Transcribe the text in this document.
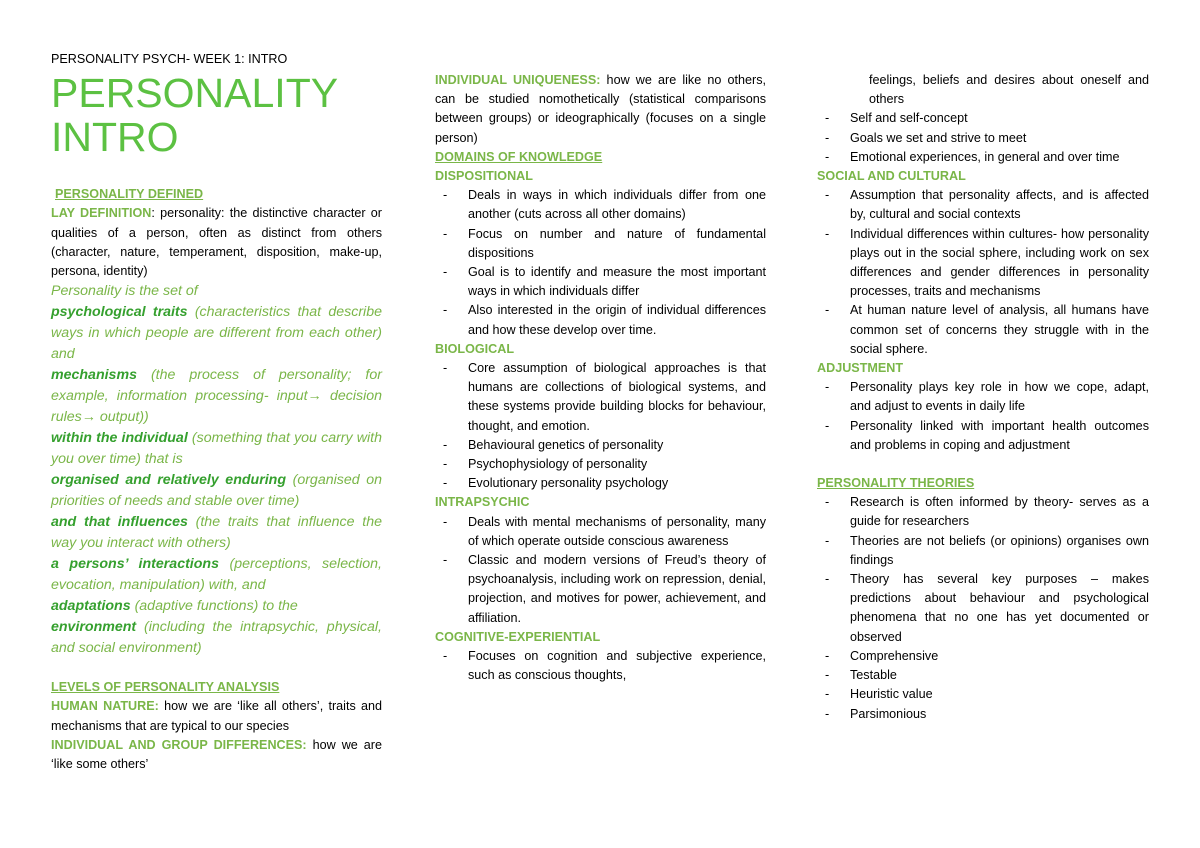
PERSONALITY PSYCH- WEEK 1: INTRO
PERSONALITY
INTRO
PERSONALITY DEFINED
LAY DEFINITION: personality: the distinctive character or qualities of a person, often as distinct from others (character, nature, temperament, disposition, make-up, persona, identity)
Personality is the set of
psychological traits (characteristics that describe ways in which people are different from each other) and
mechanisms (the process of personality; for example, information processing- input→ decision rules→ output))
within the individual (something that you carry with you over time) that is
organised and relatively enduring (organised on priorities of needs and stable over time)
and that influences (the traits that influence the way you interact with others)
a persons’ interactions (perceptions, selection, evocation, manipulation) with, and
adaptations (adaptive functions) to the
environment (including the intrapsychic, physical, and social environment)
LEVELS OF PERSONALITY ANALYSIS
HUMAN NATURE: how we are ‘like all others’, traits and mechanisms that are typical to our species
INDIVIDUAL AND GROUP DIFFERENCES: how we are ‘like some others’
INDIVIDUAL UNIQUENESS: how we are like no others, can be studied nomothetically (statistical comparisons between groups) or ideographically (focuses on a single person)
DOMAINS OF KNOWLEDGE
DISPOSITIONAL
- Deals in ways in which individuals differ from one another (cuts across all other domains)
- Focus on number and nature of fundamental dispositions
- Goal is to identify and measure the most important ways in which individuals differ
- Also interested in the origin of individual differences and how these develop over time.
BIOLOGICAL
- Core assumption of biological approaches is that humans are collections of biological systems, and these systems provide building blocks for behaviour, thought, and emotion.
- Behavioural genetics of personality
- Psychophysiology of personality
- Evolutionary personality psychology
INTRAPSYCHIC
- Deals with mental mechanisms of personality, many of which operate outside conscious awareness
- Classic and modern versions of Freud’s theory of psychoanalysis, including work on repression, denial, projection, and motives for power, achievement, and affiliation.
COGNITIVE-EXPERIENTIAL
- Focuses on cognition and subjective experience, such as conscious thoughts,
feelings, beliefs and desires about oneself and others
- Self and self-concept
- Goals we set and strive to meet
- Emotional experiences, in general and over time
SOCIAL AND CULTURAL
- Assumption that personality affects, and is affected by, cultural and social contexts
- Individual differences within cultures- how personality plays out in the social sphere, including work on sex differences and gender differences in personality processes, traits and mechanisms
- At human nature level of analysis, all humans have common set of concerns they struggle with in the social sphere.
ADJUSTMENT
- Personality plays key role in how we cope, adapt, and adjust to events in daily life
- Personality linked with important health outcomes and problems in coping and adjustment
PERSONALITY THEORIES
- Research is often informed by theory- serves as a guide for researchers
- Theories are not beliefs (or opinions) organises own findings
- Theory has several key purposes – makes predictions about behaviour and psychological phenomena that no one has yet documented or observed
- Comprehensive
- Testable
- Heuristic value
- Parsimonious
